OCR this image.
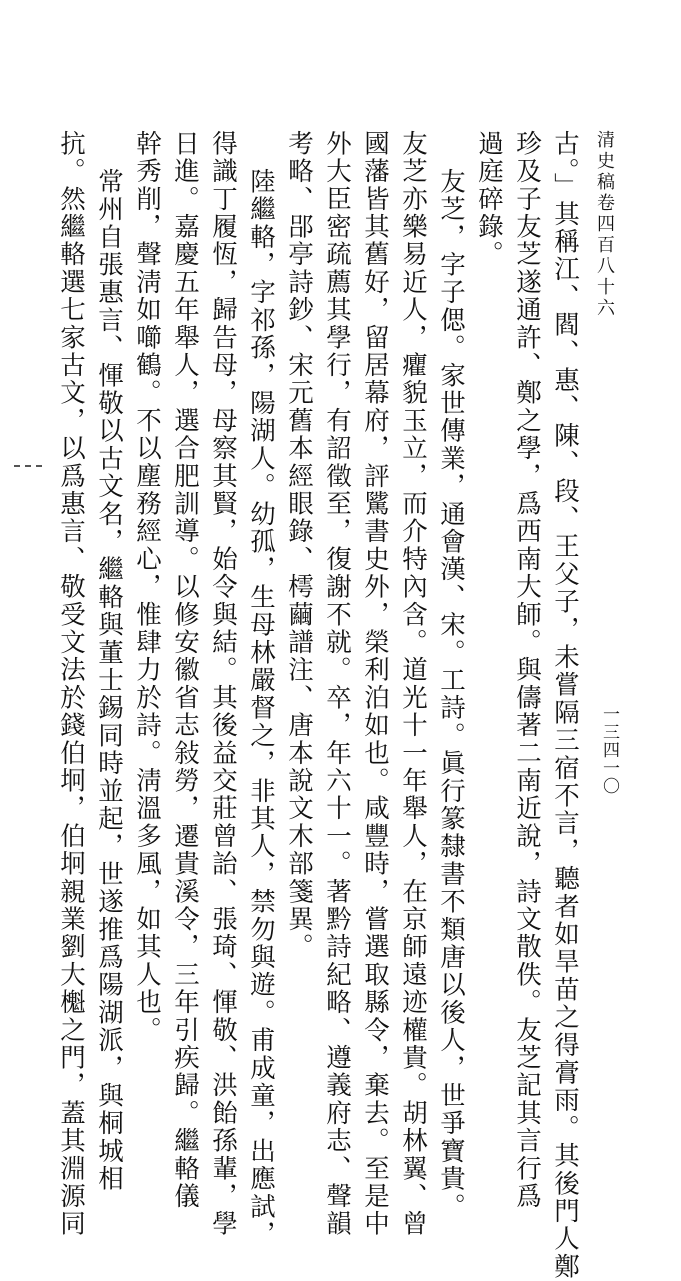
清史稿卷四百八十六
一三四一〇
古。」其稱江、閻、惠、陳、段、王父子，未嘗隔三宿不言，聽者如旱苗之得膏雨。其後門人鄭
珍及子友芝遂通許、鄭之學，爲西南大師。與儔著二南近說，詩文散佚。友芝記其言行爲
過庭碎錄。
友芝，字子偲。家世傳業，通會漢、宋。工詩。眞行篆隸書不類唐以後人，世爭寶貴。
友芝亦樂易近人，癯貌玉立，而介特內含。道光十一年舉人，在京師遠迹權貴。胡林翼、曾
國藩皆其舊好，留居幕府，評騭書史外，榮利泊如也。咸豐時，嘗選取縣令，棄去。至是中
外大臣密疏薦其學行，有詔徵至，復謝不就。卒，年六十一。著黔詩紀略、遵義府志、聲韻
考略、郘亭詩鈔、宋元舊本經眼錄、樗繭譜注、唐本說文木部箋異。
陸繼輅，字祁孫，陽湖人。幼孤，生母林嚴督之，非其人，禁勿與遊。甫成童，出應試，
得識丁履恆，歸告母，母察其賢，始令與結。其後益交莊曾詒、張琦、惲敬、洪飴孫輩，學
日進。嘉慶五年舉人，選合肥訓導。以修安徽省志敍勞，遷貴溪令，三年引疾歸。繼輅儀
幹秀削，聲淸如㘉鶴。不以塵務經心，惟肆力於詩。淸溫多風，如其人也。
常州自張惠言、惲敬以古文名，繼輅與董士錫同時並起，世遂推爲陽湖派，與桐城相
抗。然繼輅選七家古文，以爲惠言、敬受文法於錢伯坰，伯坰親業劉大櫆之門，蓋其淵源同
